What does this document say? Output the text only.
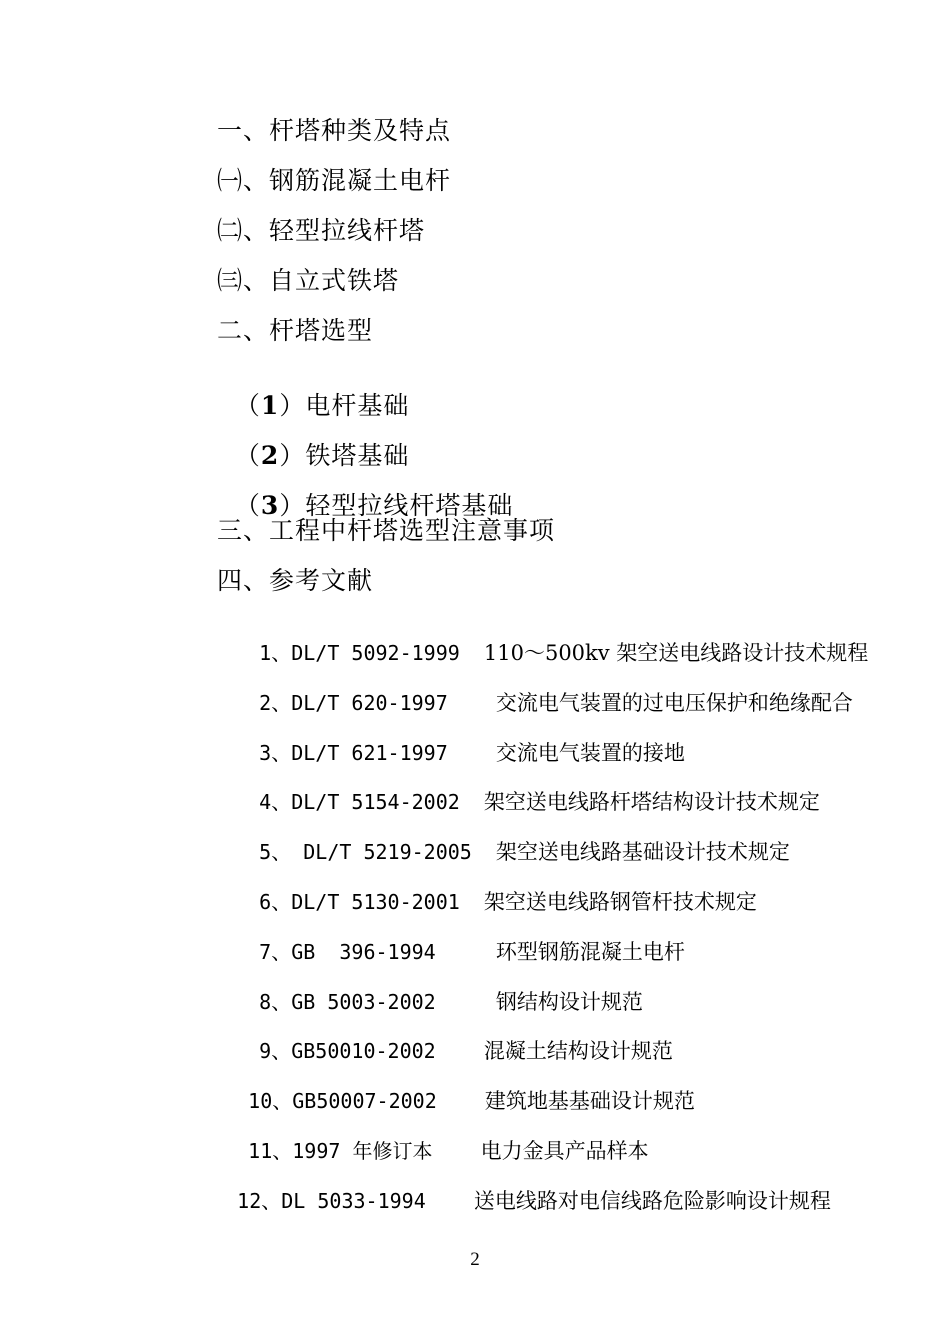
一、杆塔种类及特点
㈠、钢筋混凝土电杆
㈡、轻型拉线杆塔
㈢、自立式铁塔
二、杆塔选型

（1）电杆基础

（2）铁塔基础

（3）轻型拉线杆塔基础

三、工程中杆塔选型注意事项
四、参考文献

1、DL/T 5092-1999  110～500kv 架空送电线路设计技术规程

2、DL/T 620-1997    交流电气装置的过电压保护和绝缘配合

3、DL/T 621-1997    交流电气装置的接地

4、DL/T 5154-2002  架空送电线路杆塔结构设计技术规定

5、 DL/T 5219-2005  架空送电线路基础设计技术规定

6、DL/T 5130-2001  架空送电线路钢管杆技术规定

7、GB  396-1994     环型钢筋混凝土电杆

8、GB 5003-2002     钢结构设计规范

9、GB50010-2002    混凝土结构设计规范

10、GB50007-2002    建筑地基基础设计规范

11、1997 年修订本    电力金具产品样本

12、DL 5033-1994    送电线路对电信线路危险影响设计规程

2
